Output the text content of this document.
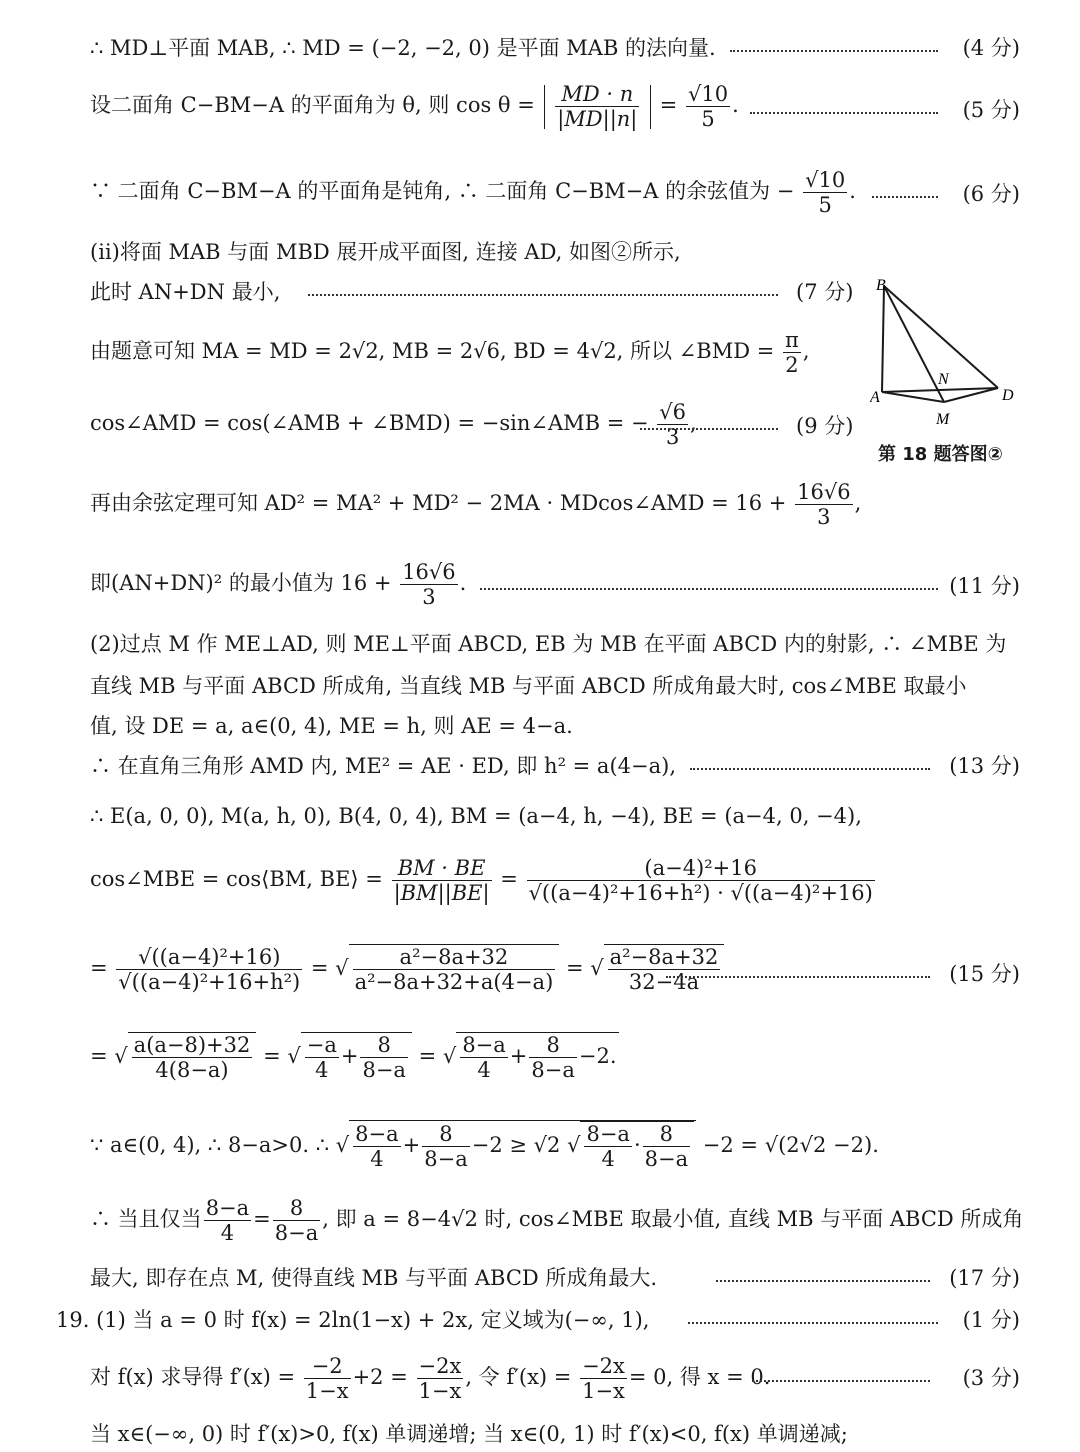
∴ MD⊥平面 MAB, ∴ MD = (−2, −2, 0) 是平面 MAB 的法向量.	(4 分)
设二面角 C−BM−A 的平面角为 θ, 则 $\cos \theta = \frac{MD \cdot n}{|MD||n|} = \frac{√10}{5}$ .	(5 分)
∵ 二面角 C−BM−A 的平面角是钝角, ∴ 二面角 C−BM−A 的余弦值为 − $\frac{√10}{5}$ .	(6 分)
(ⅱ)将面 MAB 与面 MBD 展开成平面图, 连接 AD, 如图②所示,
此时 AN+DN 最小,	(7 分)
由题意可知 MA = MD = 2√2, MB = 2√6, BD = 4√2, 所以 ∠BMD = $\frac{\pi}{2}$ ,
cos∠AMD = cos(∠AMB + ∠BMD) = −sin∠AMB = − $\frac{√6}{3}$ ,	(9 分)
B
A
N
D
M
第 18 题答图②
再由余弦定理可知 AD² = MA² + MD² − 2MA · MDcos∠AMD = $16 + \frac{16√6}{3}$ ,
即(AN+DN)² 的最小值为 $16 + \frac{16√6}{3}$ .	(11 分)
(2)过点 M 作 ME⊥AD, 则 ME⊥平面 ABCD, EB 为 MB 在平面 ABCD 内的射影, ∴ ∠MBE 为
直线 MB 与平面 ABCD 所成角, 当直线 MB 与平面 ABCD 所成角最大时, cos∠MBE 取最小
值, 设 DE = a, a∈(0, 4), ME = h, 则 AE = 4−a.
∴ 在直角三角形 AMD 内, ME² = AE · ED, 即 h² = a(4−a),	(13 分)
∴ E(a, 0, 0), M(a, h, 0), B(4, 0, 4), BM = (a−4, h, −4), BE = (a−4, 0, −4),
cos∠MBE = cos⟨BM, BE⟩ = $\frac{BM \cdot BE}{|BM||BE|} = \frac{\text{(a−4)²+16}}{\text{√((a−4)²+16+h²) · √((a−4)²+16)}}$
= $\frac{\text{√((a−4)²+16)}}{\text{√((a−4)²+16+h²)}}$ = √ $\frac{\text{a²−8a+32}}{\text{a²−8a+32+a(4−a)}}$ = √ $\frac{\text{a²−8a+32}}{32-4a}$	(15 分)
= √ $\frac{a(a-8)+32}{4(8-a)}$ = √ $\frac{-a}{4} + \frac{8}{8-a}$ = √ $\frac{8-a}{4} + \frac{8}{8-a} -2$.
∵ a∈(0, 4), ∴ 8−a>0. ∴ √ $\frac{8-a}{4} + \frac{8}{8-a} -2 \ge √2$ √ $\frac{8-a}{4} \cdot \frac{8}{8-a} -2 = √(2√2 -2)$.
∴ 当且仅当 $\frac{8-a}{4} = \frac{8}{8-a}$ , 即 a = 8−4√2 时, cos∠MBE 取最小值, 直线 MB 与平面 ABCD 所成角
最大, 即存在点 M, 使得直线 MB 与平面 ABCD 所成角最大.	(17 分)
19. (1) 当 a = 0 时 f(x) = 2ln(1−x) + 2x, 定义域为(−∞, 1),	(1 分)
对 f(x) 求导得 $f'(x) = \frac{-2}{1-x} +2 = \frac{-2x}{1-x}$ , 令 $f'(x) = \frac{-2x}{1-x} = 0$, 得 x = 0.	(3 分)
当 x∈(−∞, 0) 时 f′(x)>0, f(x) 单调递增; 当 x∈(0, 1) 时 f′(x)<0, f(x) 单调递减;
